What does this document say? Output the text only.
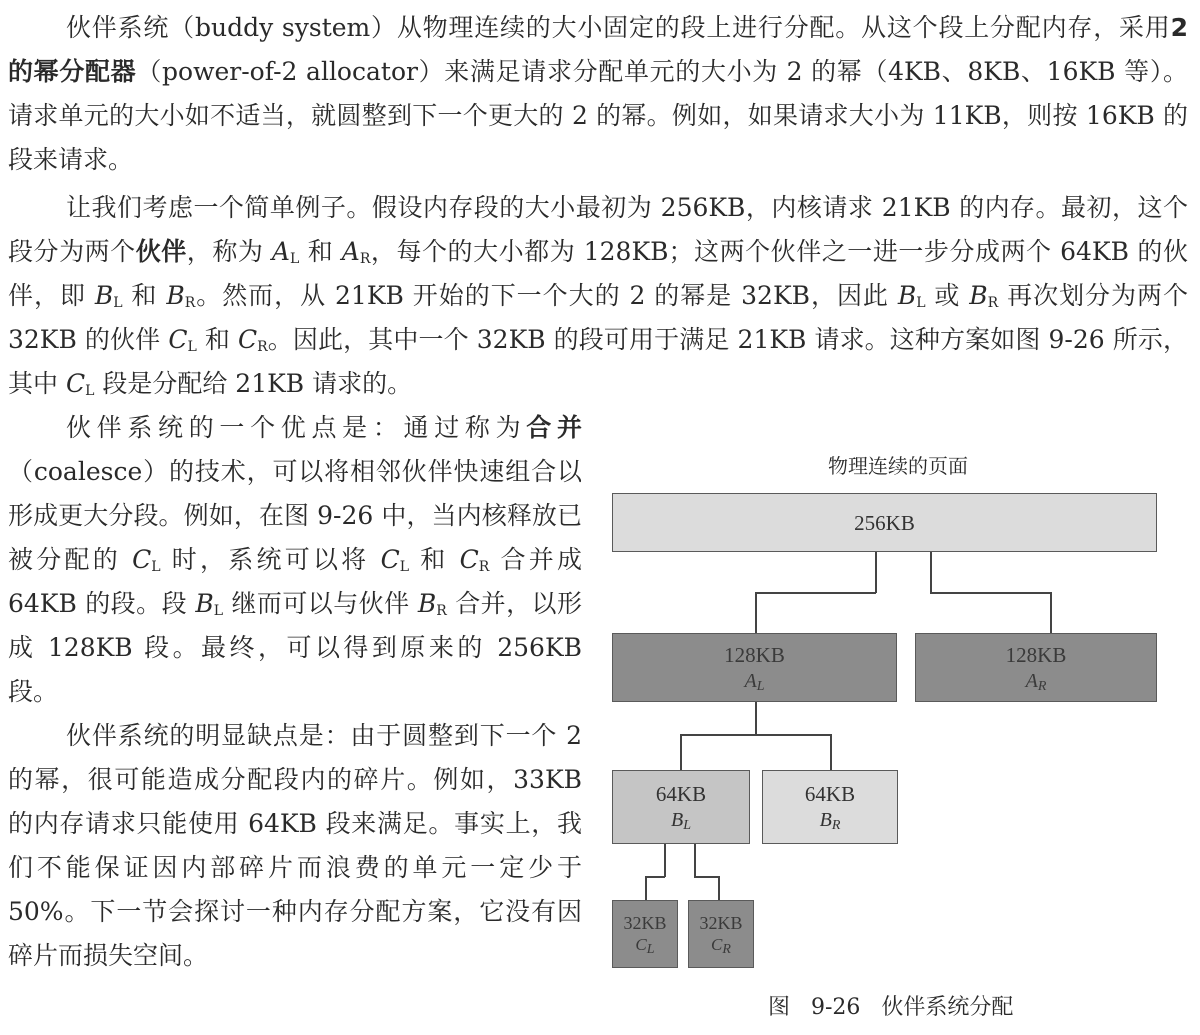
伙伴系统（buddy system）从物理连续的大小固定的段上进行分配。从这个段上分配内存，采用2 的幂分配器（power-of-2 allocator）来满足请求分配单元的大小为 2 的幂（4KB、8KB、16KB 等）。请求单元的大小如不适当，就圆整到下一个更大的 2 的幂。例如，如果请求大小为 11KB，则按 16KB 的段来请求。

让我们考虑一个简单例子。假设内存段的大小最初为 256KB，内核请求 21KB 的内存。最初，这个段分为两个伙伴，称为 $A_L$ 和 $A_R$，每个的大小都为 128KB；这两个伙伴之一进一步分成两个 64KB 的伙伴，即 $B_L$ 和 $B_R$。然而，从 21KB 开始的下一个大的 2 的幂是 32KB，因此 $B_L$ 或 $B_R$ 再次划分为两个 32KB 的伙伴 $C_L$ 和 $C_R$。因此，其中一个 32KB 的段可用于满足 21KB 请求。这种方案如图 9-26 所示，其中 $C_L$ 段是分配给 21KB 请求的。

伙伴系统的一个优点是：通过称为合并（coalesce）的技术，可以将相邻伙伴快速组合以形成更大分段。例如，在图 9-26 中，当内核释放已被分配的 $C_L$ 时，系统可以将 $C_L$ 和 $C_R$ 合并成 64KB 的段。段 $B_L$ 继而可以与伙伴 $B_R$ 合并，以形成 128KB 段。最终，可以得到原来的 256KB 段。

伙伴系统的明显缺点是：由于圆整到下一个 2 的幂，很可能造成分配段内的碎片。例如，33KB 的内存请求只能使用 64KB 段来满足。事实上，我们不能保证因内部碎片而浪费的单元一定少于 50%。下一节会探讨一种内存分配方案，它没有因碎片而损失空间。

物理连续的页面
256KB
128KB
$A_L$
128KB
$A_R$
64KB
$B_L$
64KB
$B_R$
32KB
$C_L$
32KB
$C_R$
图 9-26 伙伴系统分配
